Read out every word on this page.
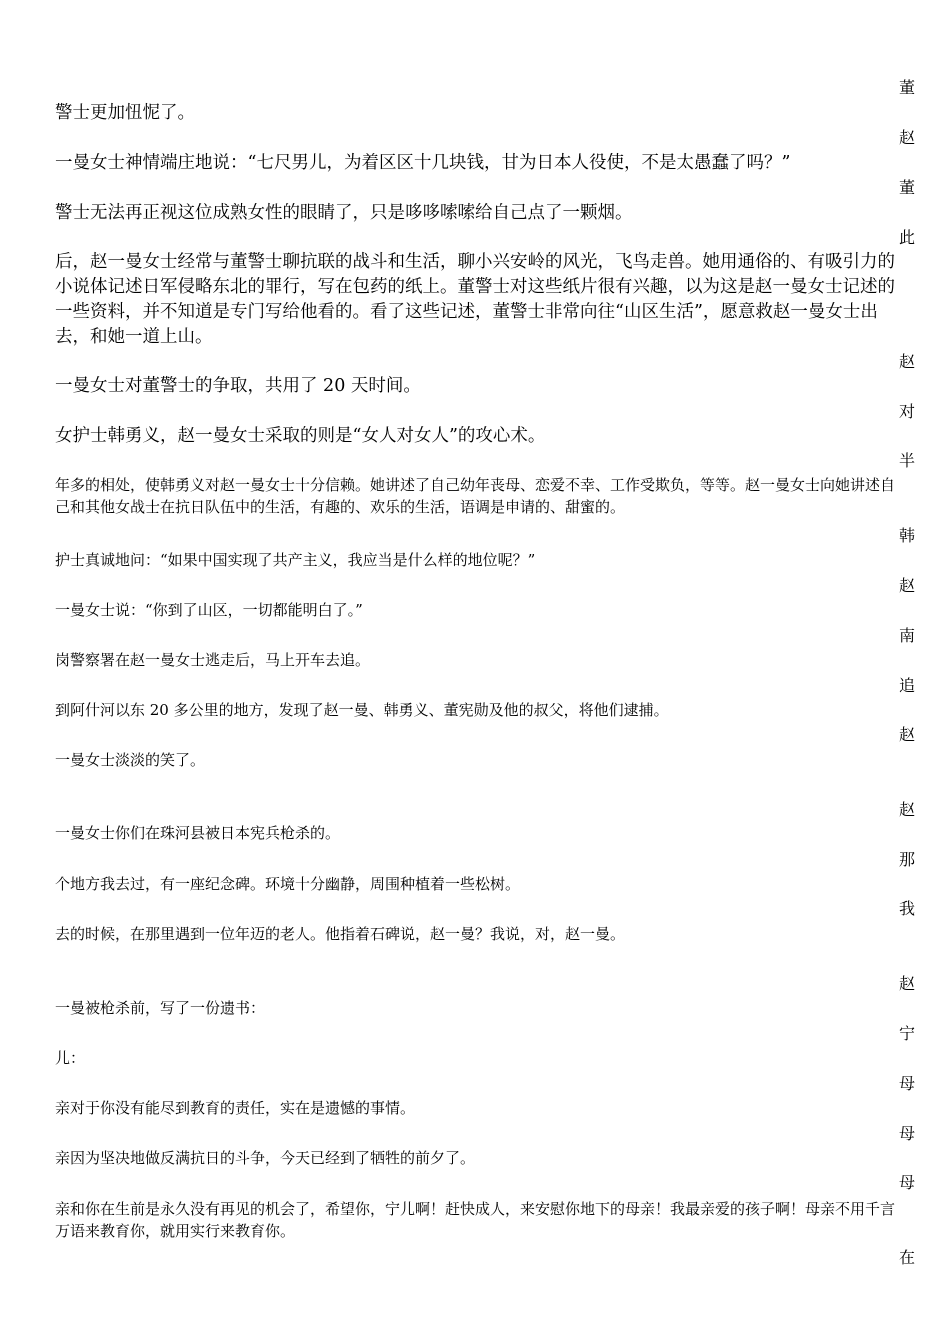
警士更加忸怩了。

一曼女士神情端庄地说：“七尺男儿，为着区区十几块钱，甘为日本人役使，不是太愚蠢了吗？”

警士无法再正视这位成熟女性的眼睛了，只是哆哆嗦嗦给自己点了一颗烟。

后，赵一曼女士经常与董警士聊抗联的战斗和生活，聊小兴安岭的风光，飞鸟走兽。她用通俗的、有吸引力的小说体记述日军侵略东北的罪行，写在包药的纸上。董警士对这些纸片很有兴趣，以为这是赵一曼女士记述的一些资料，并不知道是专门写给他看的。看了这些记述，董警士非常向往“山区生活”，愿意救赵一曼女士出去，和她一道上山。

一曼女士对董警士的争取，共用了 20 天时间。

女护士韩勇义，赵一曼女士采取的则是“女人对女人”的攻心术。

年多的相处，使韩勇义对赵一曼女士十分信赖。她讲述了自己幼年丧母、恋爱不幸、工作受欺负，等等。赵一曼女士向她讲述自己和其他女战士在抗日队伍中的生活，有趣的、欢乐的生活，语调是申请的、甜蜜的。

护士真诚地问：“如果中国实现了共产主义，我应当是什么样的地位呢？”

一曼女士说：“你到了山区，一切都能明白了。”

岗警察署在赵一曼女士逃走后，马上开车去追。

到阿什河以东 20 多公里的地方，发现了赵一曼、韩勇义、董宪勋及他的叔父，将他们逮捕。

一曼女士淡淡的笑了。

一曼女士你们在珠河县被日本宪兵枪杀的。

个地方我去过，有一座纪念碑。环境十分幽静，周围种植着一些松树。

去的时候，在那里遇到一位年迈的老人。他指着石碑说，赵一曼？我说，对，赵一曼。

一曼被枪杀前，写了一份遗书：

儿：

亲对于你没有能尽到教育的责任，实在是遗憾的事情。

亲因为坚决地做反满抗日的斗争，今天已经到了牺牲的前夕了。

亲和你在生前是永久没有再见的机会了，希望你，宁儿啊！赶快成人，来安慰你地下的母亲！我最亲爱的孩子啊！母亲不用千言万语来教育你，就用实行来教育你。

董
赵
董
此
赵
对
半
韩
赵
南
追
赵
赵
那
我
赵
宁
母
母
母
在
